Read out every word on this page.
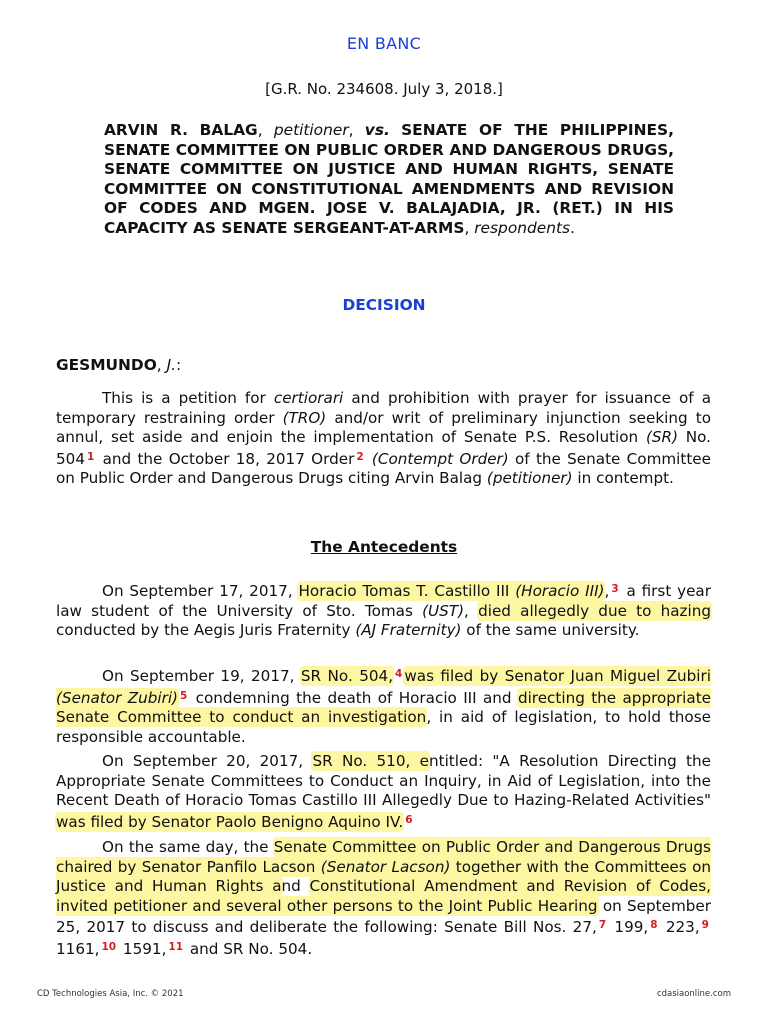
EN BANC
[G.R. No. 234608. July 3, 2018.]
ARVIN R. BALAG, petitioner, vs. SENATE OF THE PHILIPPINES, SENATE COMMITTEE ON PUBLIC ORDER AND DANGEROUS DRUGS, SENATE COMMITTEE ON JUSTICE AND HUMAN RIGHTS, SENATE COMMITTEE ON CONSTITUTIONAL AMENDMENTS AND REVISION OF CODES AND MGEN. JOSE V. BALAJADIA, JR. (RET.) IN HIS CAPACITY AS SENATE SERGEANT-AT-ARMS, respondents.
DECISION
GESMUNDO, J.:
This is a petition for certiorari and prohibition with prayer for issuance of a temporary restraining order (TRO) and/or writ of preliminary injunction seeking to annul, set aside and enjoin the implementation of Senate P.S. Resolution (SR) No. 504 $^1$ and the October 18, 2017 Order $^2$ (Contempt Order) of the Senate Committee on Public Order and Dangerous Drugs citing Arvin Balag (petitioner) in contempt.
The Antecedents
On September 17, 2017, Horacio Tomas T. Castillo III (Horacio III), $^3$ a first year law student of the University of Sto. Tomas (UST), died allegedly due to hazing conducted by the Aegis Juris Fraternity (AJ Fraternity) of the same university.
On September 19, 2017, SR No. 504, $^4$ was filed by Senator Juan Miguel Zubiri (Senator Zubiri) $^5$ condemning the death of Horacio III and directing the appropriate Senate Committee to conduct an investigation, in aid of legislation, to hold those responsible accountable.
On September 20, 2017, SR No. 510, entitled: "A Resolution Directing the Appropriate Senate Committees to Conduct an Inquiry, in Aid of Legislation, into the Recent Death of Horacio Tomas Castillo III Allegedly Due to Hazing-Related Activities" was filed by Senator Paolo Benigno Aquino IV. $^6$
On the same day, the Senate Committee on Public Order and Dangerous Drugs chaired by Senator Panfilo Lacson (Senator Lacson) together with the Committees on Justice and Human Rights and Constitutional Amendment and Revision of Codes, invited petitioner and several other persons to the Joint Public Hearing on September 25, 2017 to discuss and deliberate the following: Senate Bill Nos. 27, $^7$ 199, $^8$ 223, $^9$ 1161, $^{10}$ 1591, $^{11}$ and SR No. 504.
CD Technologies Asia, Inc. © 2021	cdasiaonline.com
